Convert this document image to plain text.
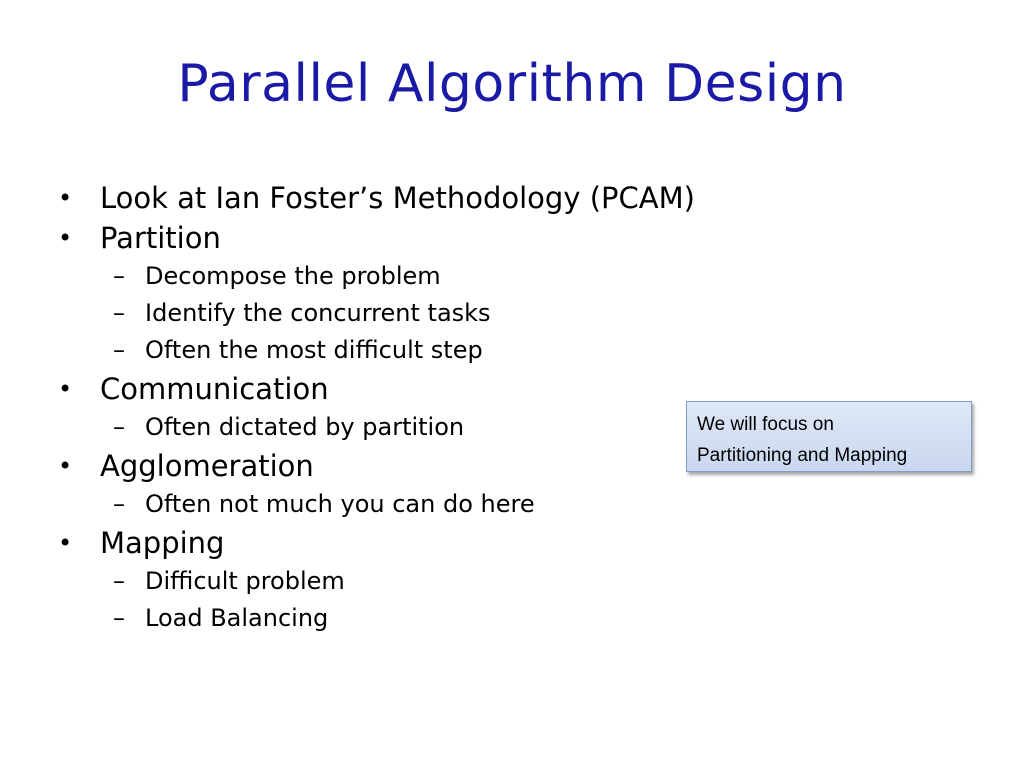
Parallel Algorithm Design
• Look at Ian Foster’s Methodology (PCAM)
• Partition
– Decompose the problem
– Identify the concurrent tasks
– Often the most difficult step
• Communication
– Often dictated by partition
• Agglomeration
– Often not much you can do here
• Mapping
– Difficult problem
– Load Balancing
We will focus on
Partitioning and Mapping
